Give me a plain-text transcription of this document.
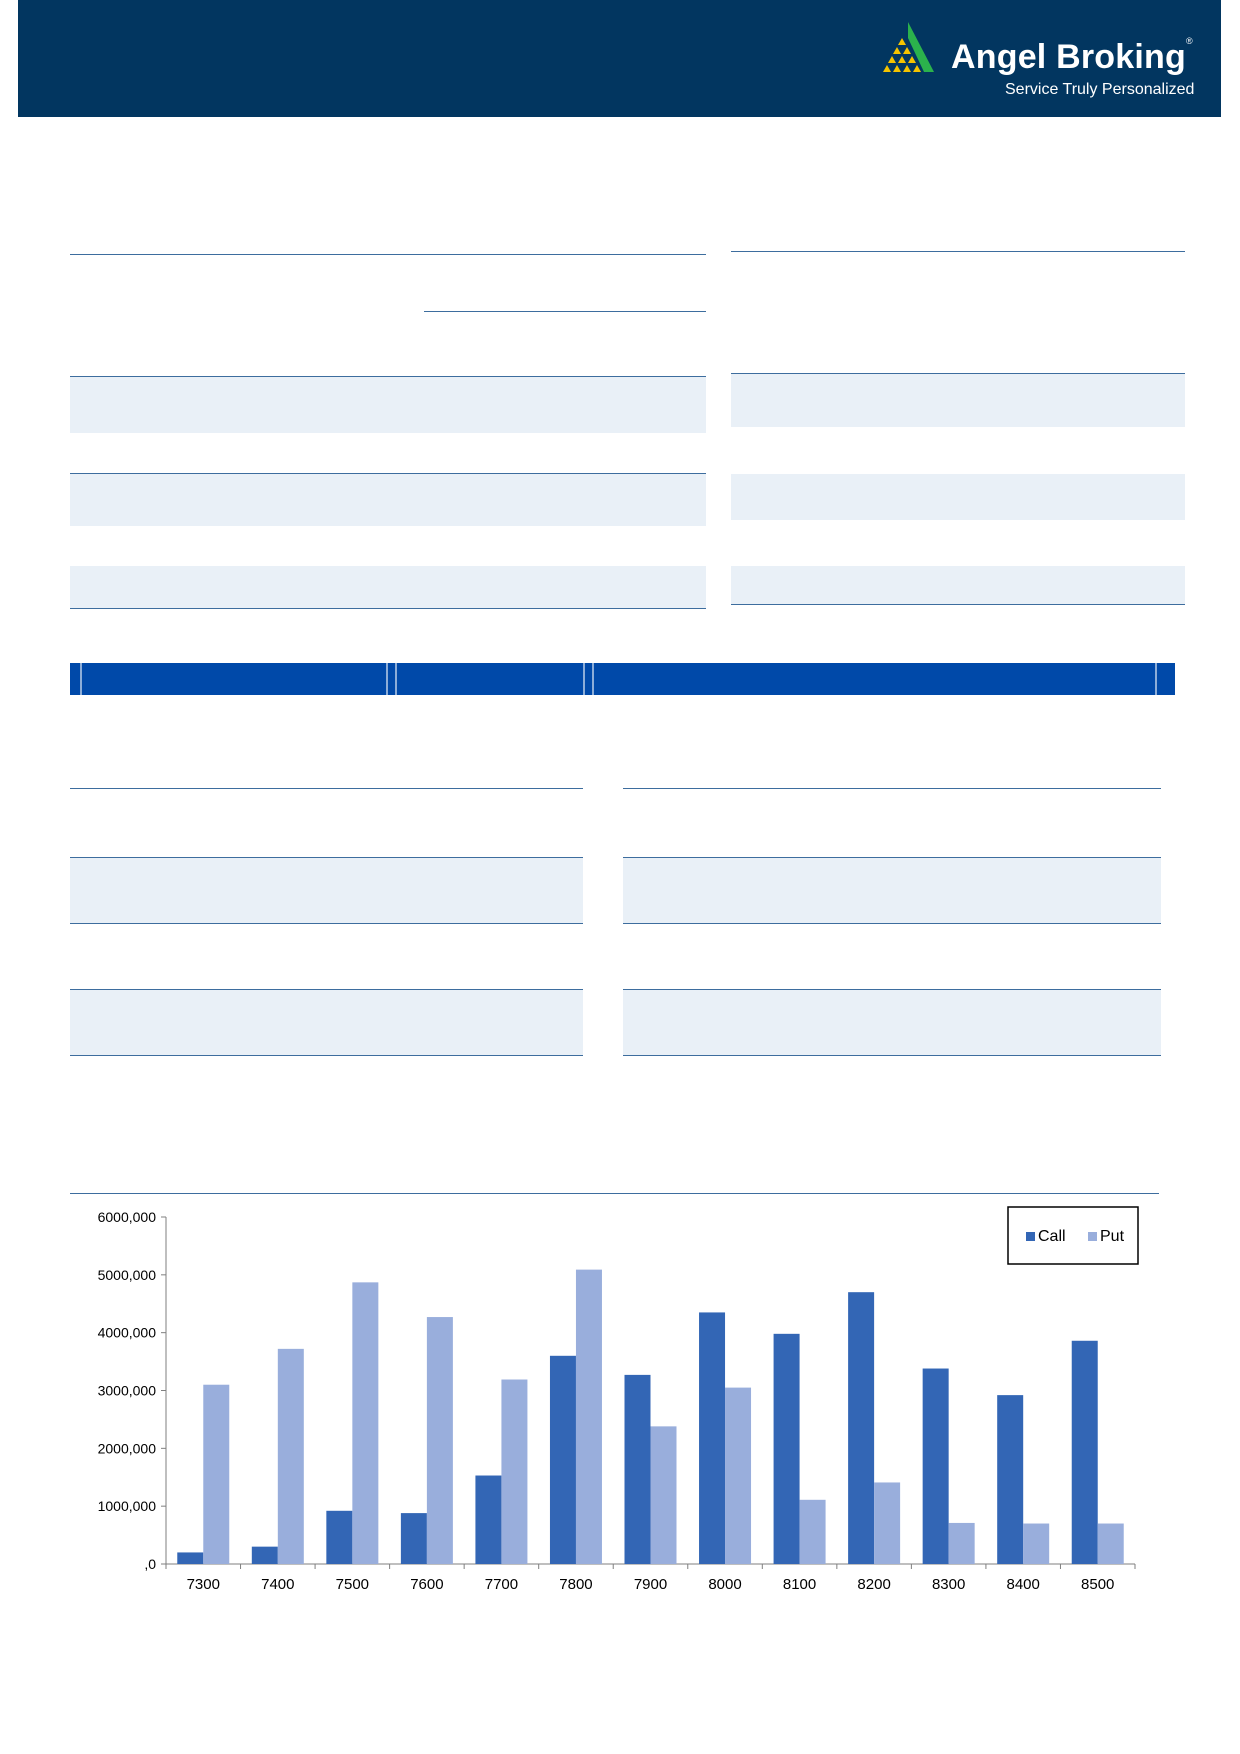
Angel Broking®
Service Truly Personalized
,0
1000,000
2000,000
3000,000
4000,000
5000,000
6000,000
7300	7400	7500	7600	7700	7800	7900	8000	8100	8200	8300	8400	8500
Call Put
